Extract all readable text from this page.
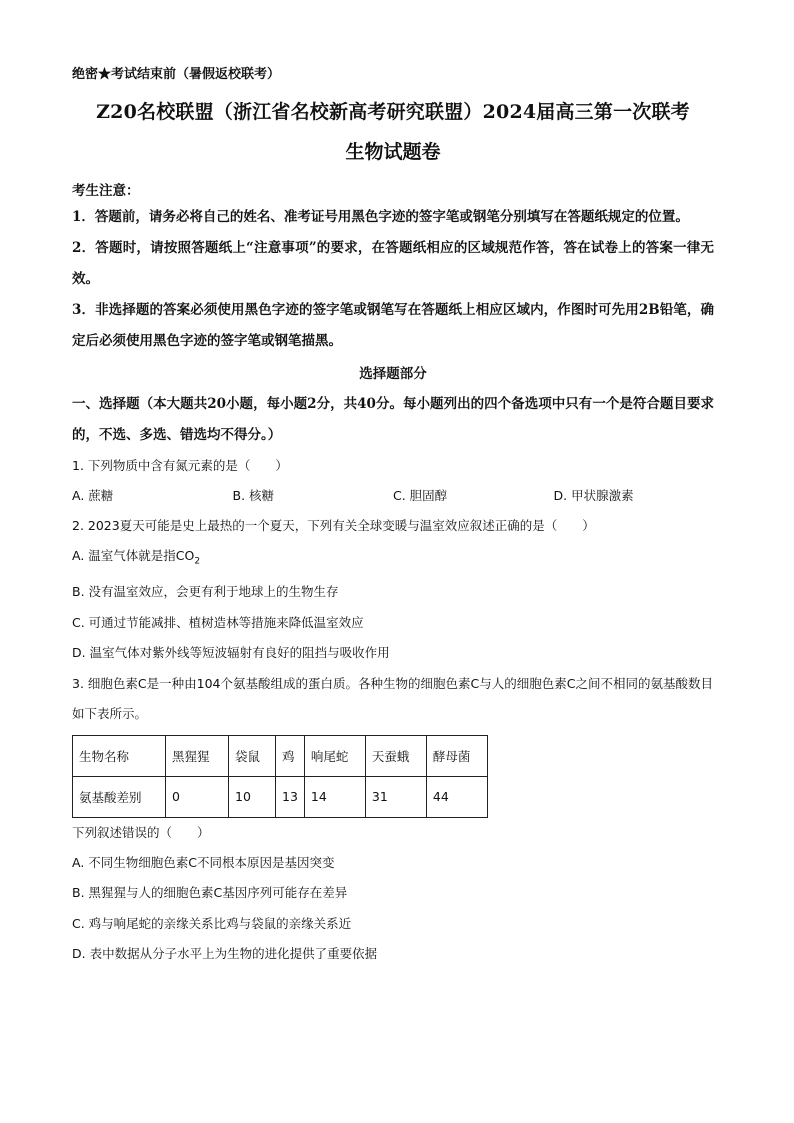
绝密★考试结束前（暑假返校联考）
Z20名校联盟（浙江省名校新高考研究联盟）2024届高三第一次联考
生物试题卷
考生注意：
1．答题前，请务必将自己的姓名、准考证号用黑色字迹的签字笔或钢笔分别填写在答题纸规定的位置。
2．答题时，请按照答题纸上“注意事项”的要求，在答题纸相应的区域规范作答，答在试卷上的答案一律无效。
3．非选择题的答案必须使用黑色字迹的签字笔或钢笔写在答题纸上相应区域内，作图时可先用2B铅笔，确定后必须使用黑色字迹的签字笔或钢笔描黑。
选择题部分
一、选择题（本大题共20小题，每小题2分，共40分。每小题列出的四个备选项中只有一个是符合题目要求的，不选、多选、错选均不得分。）
1. 下列物质中含有氮元素的是（　　）
A. 蔗糖	B. 核糖	C. 胆固醇	D. 甲状腺激素
2. 2023夏天可能是史上最热的一个夏天，下列有关全球变暖与温室效应叙述正确的是（　　）
A. 温室气体就是指$CO_2$
B. 没有温室效应，会更有利于地球上的生物生存
C. 可通过节能减排、植树造林等措施来降低温室效应
D. 温室气体对紫外线等短波辐射有良好的阻挡与吸收作用
3. 细胞色素C是一种由104个氨基酸组成的蛋白质。各种生物的细胞色素C与人的细胞色素C之间不相同的氨基酸数目如下表所示。
生物名称	黑猩猩	袋鼠	鸡	响尾蛇	天蚕蛾	酵母菌
氨基酸差别	0	10	13	14	31	44
下列叙述错误的（　　）
A. 不同生物细胞色素C不同根本原因是基因突变
B. 黑猩猩与人的细胞色素C基因序列可能存在差异
C. 鸡与响尾蛇的亲缘关系比鸡与袋鼠的亲缘关系近
D. 表中数据从分子水平上为生物的进化提供了重要依据
